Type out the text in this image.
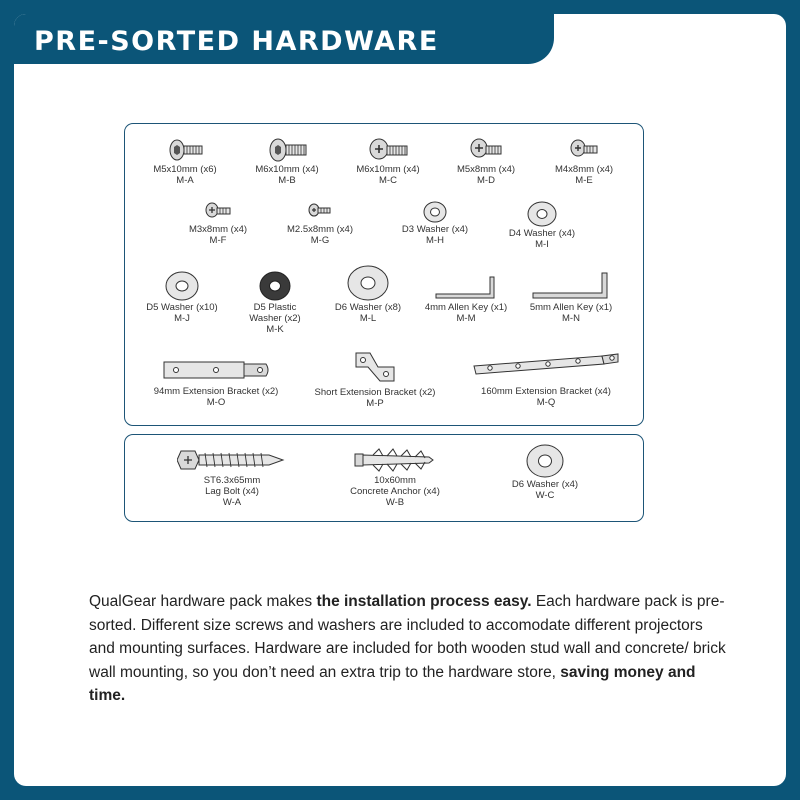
PRE-SORTED HARDWARE
M5x10mm (x6)
M-A
M6x10mm (x4)
M-B
M6x10mm (x4)
M-C
M5x8mm (x4)
M-D
M4x8mm (x4)
M-E
M3x8mm (x4)
M-F
M2.5x8mm (x4)
M-G
D3 Washer (x4)
M-H
D4 Washer (x4)
M-I
D5 Washer (x10)
M-J
D5 Plastic
Washer (x2)
M-K
D6 Washer (x8)
M-L
4mm Allen Key (x1)
M-M
5mm Allen Key (x1)
M-N
94mm Extension Bracket (x2)
M-O
Short Extension Bracket (x2)
M-P
160mm Extension Bracket (x4)
M-Q
ST6.3x65mm
Lag Bolt (x4)
W-A
10x60mm
Concrete Anchor (x4)
W-B
D6 Washer (x4)
W-C
QualGear hardware pack makes the installation process easy. Each hardware pack is pre-sorted. Different size screws and washers are included to accomodate different projectors and mounting surfaces. Hardware are included for both wooden stud wall and concrete/ brick wall mounting, so you don’t need an extra trip to the hardware store, saving money and time.
